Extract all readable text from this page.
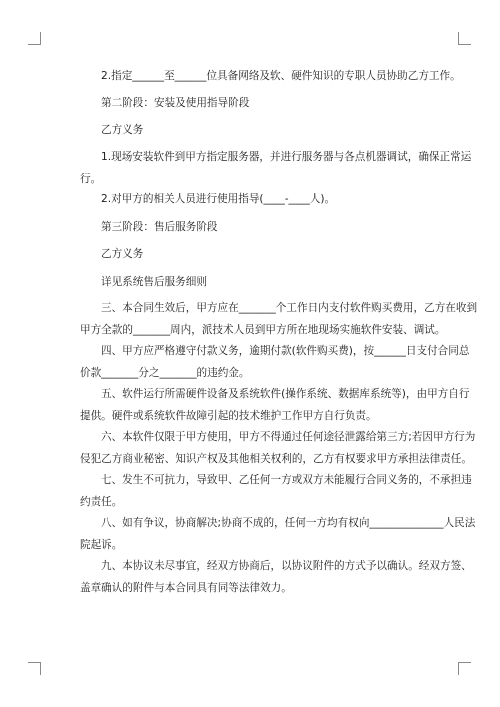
2.指定______至______位具备网络及软、硬件知识的专职人员协助乙方工作。
第二阶段：安装及使用指导阶段
乙方义务
1.现场安装软件到甲方指定服务器，并进行服务器与各点机器调试，确保正常运
行。
2.对甲方的相关人员进行使用指导(____-____人)。
第三阶段：售后服务阶段
乙方义务
详见系统售后服务细则
三、本合同生效后，甲方应在_______个工作日内支付软件购买费用，乙方在收到
甲方全款的_______周内，派技术人员到甲方所在地现场实施软件安装、调试。
四、甲方应严格遵守付款义务，逾期付款(软件购买费)，按______日支付合同总
价款_______分之_______的违约金。
五、软件运行所需硬件设备及系统软件(操作系统、数据库系统等)，由甲方自行
提供。硬件或系统软件故障引起的技术维护工作甲方自行负责。
六、本软件仅限于甲方使用，甲方不得通过任何途径泄露给第三方;若因甲方行为
侵犯乙方商业秘密、知识产权及其他相关权利的，乙方有权要求甲方承担法律责任。
七、发生不可抗力，导致甲、乙任何一方或双方未能履行合同义务的，不承担违
约责任。
八、如有争议，协商解决;协商不成的，任何一方均有权向______________人民法
院起诉。
九、本协议未尽事宜，经双方协商后，以协议附件的方式予以确认。经双方签、
盖章确认的附件与本合同具有同等法律效力。
